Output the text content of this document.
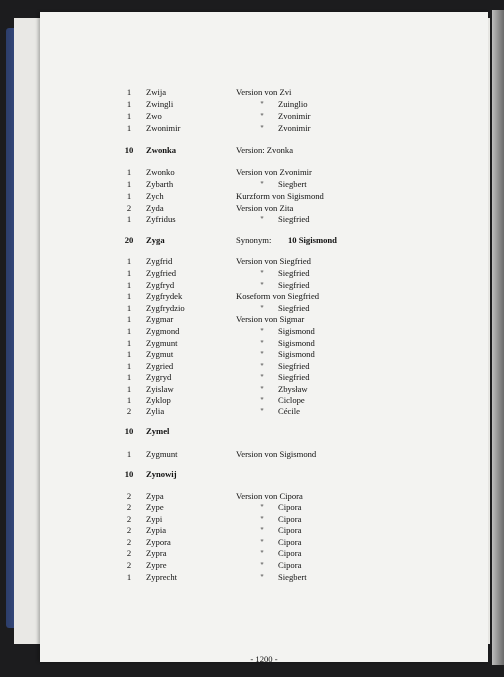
1	Zwija	Version von Zvi
1	Zwingli	"	Zuinglio
1	Zwo	"	Zvonimir
1	Zwonimir	"	Zvonimir
10	Zwonka	Version: Zvonka
1	Zwonko	Version von Zvonimir
1	Zybarth	"	Siegbert
1	Zych	Kurzform von Sigismond
2	Zyda	Version von Zita
1	Zyfridus	"	Siegfried
20	Zyga	Synonym: 10 Sigismond
1	Zygfrid	Version von Siegfried
1	Zygfried	"	Siegfried
1	Zygfryd	"	Siegfried
1	Zygfrydek	Koseform von Siegfried
1	Zygfrydzio	"	Siegfried
1	Zygmar	Version von Sigmar
1	Zygmond	"	Sigismond
1	Zygmunt	"	Sigismond
1	Zygmut	"	Sigismond
1	Zygried	"	Siegfried
1	Zygryd	"	Siegfried
1	Zyislaw	"	Zbysław
1	Zyklop	"	Ciclope
2	Zylia	"	Cécile
10	Zymel
1	Zygmunt	Version von Sigismond
10	Zynowij
2	Zypa	Version von Cipora
2	Zype	"	Cipora
2	Zypi	"	Cipora
2	Zypia	"	Cipora
2	Zypora	"	Cipora
2	Zypra	"	Cipora
2	Zypre	"	Cipora
1	Zyprecht	"	Siegbert
- 1200 -
